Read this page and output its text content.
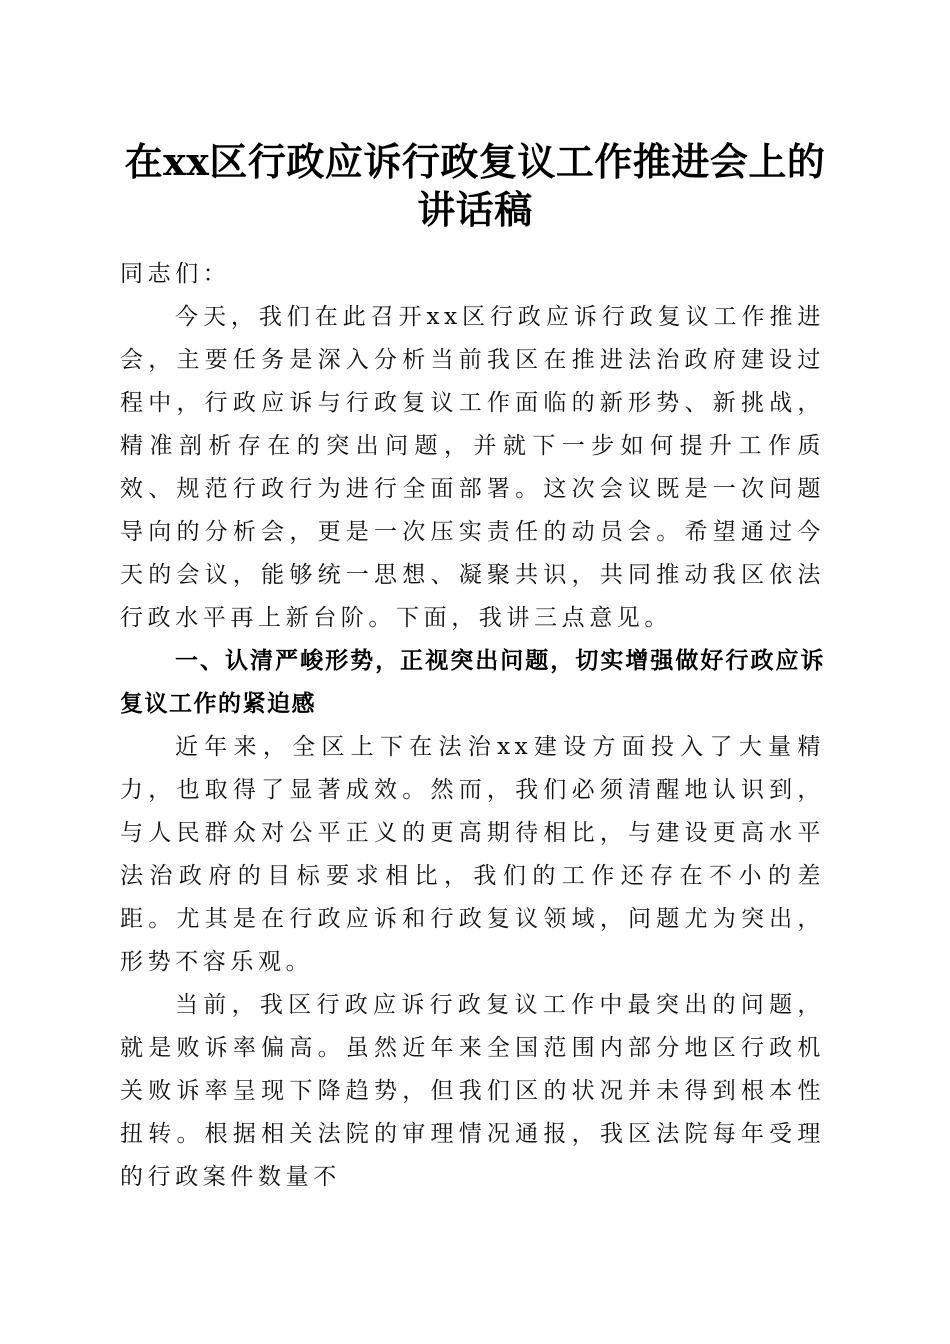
在xx区行政应诉行政复议工作推进会上的讲话稿

同志们：

今天，我们在此召开xx区行政应诉行政复议工作推进会，主要任务是深入分析当前我区在推进法治政府建设过程中，行政应诉与行政复议工作面临的新形势、新挑战，精准剖析存在的突出问题，并就下一步如何提升工作质效、规范行政行为进行全面部署。这次会议既是一次问题导向的分析会，更是一次压实责任的动员会。希望通过今天的会议，能够统一思想、凝聚共识，共同推动我区依法行政水平再上新台阶。下面，我讲三点意见。

一、认清严峻形势，正视突出问题，切实增强做好行政应诉复议工作的紧迫感

近年来，全区上下在法治xx建设方面投入了大量精力，也取得了显著成效。然而，我们必须清醒地认识到，与人民群众对公平正义的更高期待相比，与建设更高水平法治政府的目标要求相比，我们的工作还存在不小的差距。尤其是在行政应诉和行政复议领域，问题尤为突出，形势不容乐观。

当前，我区行政应诉行政复议工作中最突出的问题，就是败诉率偏高。虽然近年来全国范围内部分地区行政机关败诉率呈现下降趋势，但我们区的状况并未得到根本性扭转。根据相关法院的审理情况通报，我区法院每年受理的行政案件数量不
